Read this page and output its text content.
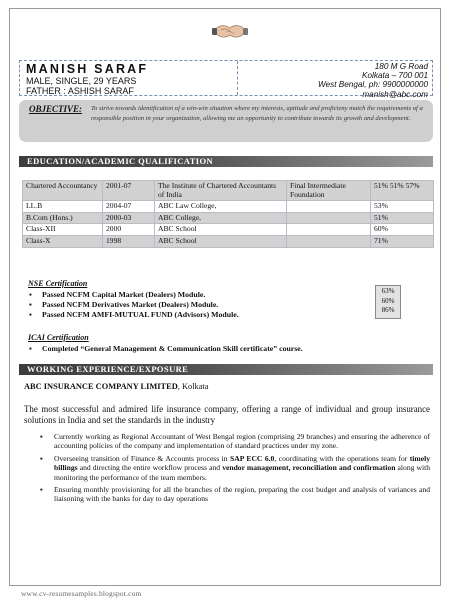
MANISH SARAF
MALE, SINGLE, 29 YEARS
FATHER : ASHISH SARAF
180 M G Road
Kolkata – 700 001
West Bengal, ph: 9900000000
manish@abc.com
OBJECTIVE: To strive towards identification of a win-win situation where my interests, aptitude and proficieny match the requirements of a responsible position in your organization, allowing me an opportunity to contribute towards its growth and development.
EDUCATION/ACADEMIC QUALIFICATION
Chartered Accountancy	2001-07	The Institute of Chartered Accountants of India	Final Intermediate Foundation	51% 51% 57%
LL.B	2004-07	ABC Law College,		53%
B.Com (Hons.)	2000-03	ABC College,		51%
Class-XII	2000	ABC School		60%
Class-X	1998	ABC School		71%
NSE Certification
▪ Passed NCFM Capital Market (Dealers) Module.
▪ Passed NCFM Derivatives Market (Dealers) Module.
▪ Passed NCFM AMFI-MUTUAL FUND (Advisors) Module.
63%
60%
86%
ICAI Certification
▪ Completed “General Management & Communication Skill certificate” course.
WORKING EXPERIENCE/EXPOSURE
ABC INSURANCE COMPANY LIMITED, Kolkata
The most successful and admired life insurance company, offering a range of individual and group insurance solutions in India and set the standards in the industry
▪ Currently working as Regional Accountant of West Bengal region (comprising 29 branches) and ensuring the adherence of accounting policies of the company and implementation of standard practices under my zone.
▪ Overseeing transition of Finance & Accounts process in SAP ECC 6.0, coordinating with the operations team for timely billings and directing the entire workflow process and vendor management, reconciliation and confirmation along with monitoring the performance of the team members.
▪ Ensuring monthly provisioning for all the branches of the region, preparing the cost budget and analysis of variances and liaisoning with the banks for day to day operations
www.cv-resumesamples.blogspot.com
